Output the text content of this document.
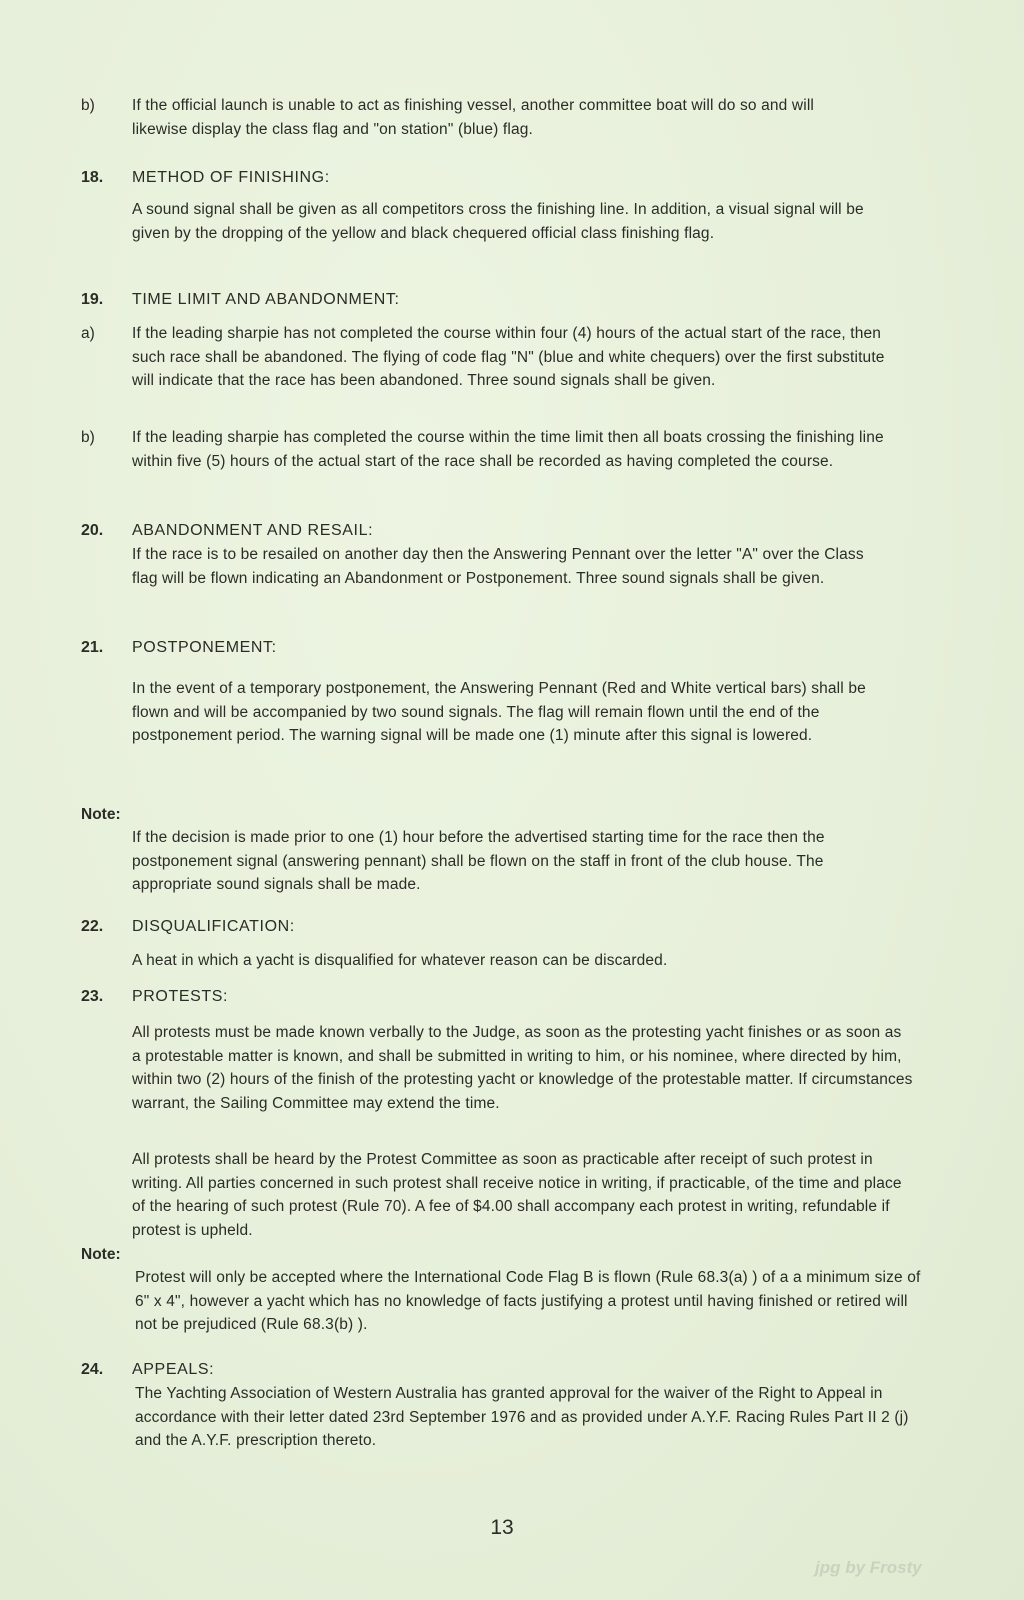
b) If the official launch is unable to act as finishing vessel, another committee boat will do so and will likewise display the class flag and "on station" (blue) flag.
18. METHOD OF FINISHING:
A sound signal shall be given as all competitors cross the finishing line. In addition, a visual signal will be given by the dropping of the yellow and black chequered official class finishing flag.
19. TIME LIMIT AND ABANDONMENT:
a) If the leading sharpie has not completed the course within four (4) hours of the actual start of the race, then such race shall be abandoned. The flying of code flag "N" (blue and white chequers) over the first substitute will indicate that the race has been abandoned. Three sound signals shall be given.
b) If the leading sharpie has completed the course within the time limit then all boats crossing the finishing line within five (5) hours of the actual start of the race shall be recorded as having completed the course.
20. ABANDONMENT AND RESAIL:
If the race is to be resailed on another day then the Answering Pennant over the letter "A" over the Class flag will be flown indicating an Abandonment or Postponement. Three sound signals shall be given.
21. POSTPONEMENT:
In the event of a temporary postponement, the Answering Pennant (Red and White vertical bars) shall be flown and will be accompanied by two sound signals. The flag will remain flown until the end of the postponement period. The warning signal will be made one (1) minute after this signal is lowered.
Note:
If the decision is made prior to one (1) hour before the advertised starting time for the race then the postponement signal (answering pennant) shall be flown on the staff in front of the club house. The appropriate sound signals shall be made.
22. DISQUALIFICATION:
A heat in which a yacht is disqualified for whatever reason can be discarded.
23. PROTESTS:
All protests must be made known verbally to the Judge, as soon as the protesting yacht finishes or as soon as a protestable matter is known, and shall be submitted in writing to him, or his nominee, where directed by him, within two (2) hours of the finish of the protesting yacht or knowledge of the protestable matter. If circumstances warrant, the Sailing Committee may extend the time.
All protests shall be heard by the Protest Committee as soon as practicable after receipt of such protest in writing. All parties concerned in such protest shall receive notice in writing, if practicable, of the time and place of the hearing of such protest (Rule 70). A fee of $4.00 shall accompany each protest in writing, refundable if protest is upheld.
Note:
Protest will only be accepted where the International Code Flag B is flown (Rule 68.3(a) ) of a a minimum size of 6" x 4", however a yacht which has no knowledge of facts justifying a protest until having finished or retired will not be prejudiced (Rule 68.3(b) ).
24. APPEALS:
The Yachting Association of Western Australia has granted approval for the waiver of the Right to Appeal in accordance with their letter dated 23rd September 1976 and as provided under A.Y.F. Racing Rules Part II 2 (j) and the A.Y.F. prescription thereto.
13
jpg by Frosty
